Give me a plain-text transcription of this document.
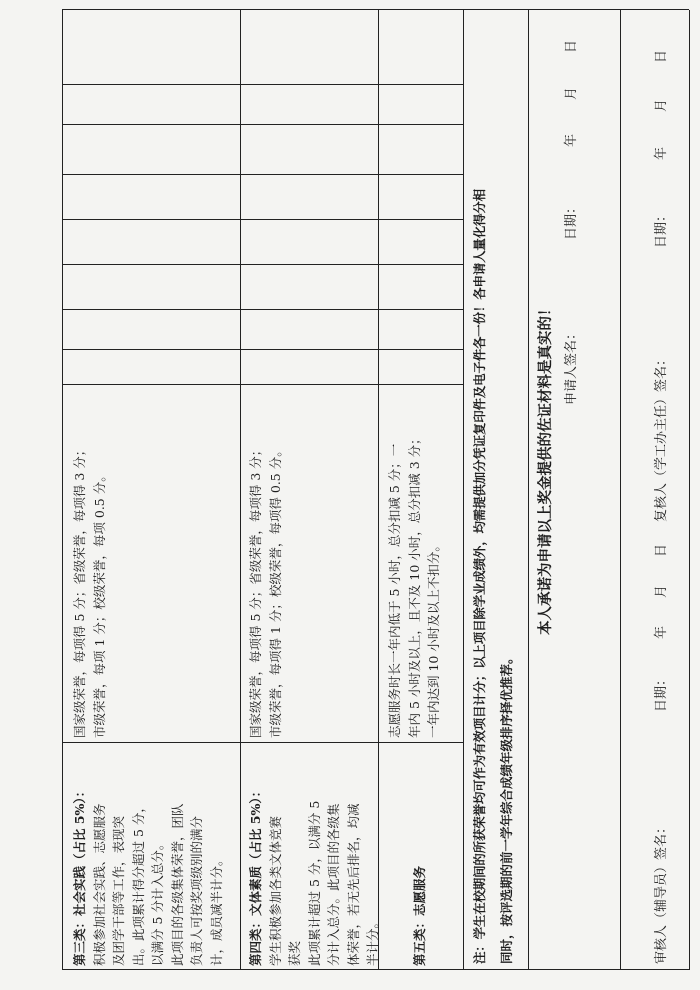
第三类：社会实践（占比 5%）： 积极参加社会实践、志愿服务 及团学干部等工作，表现突 出。此项累计得分超过 5 分， 以满分 5 分计入总分。 此项目的各级集体荣誉，团队 负责人可按奖项级别的满分 计，成员减半计分。
国家级荣誉，每项得 5 分；省级荣誉，每项得 3 分； 市级荣誉，每项 1 分；校级荣誉，每项 0.5 分。
第四类：文体素质（占比 5%）： 学生积极参加各类文体竞赛 获奖 此项累计超过 5 分，以满分 5 分计入总分。此项目的各级集 体荣誉，若无先后排名，均减 半计分。
国家级荣誉，每项得 5 分；省级荣誉，每项得 3 分； 市级荣誉，每项得 1 分；校级荣誉，每项得 0.5 分。
第五类：志愿服务
志愿服务时长一年内低于 5 小时，总分扣减 5 分；一 年内 5 小时及以上，且不及 10 小时，总分扣减 3 分； 一年内达到 10 小时及以上不扣分。 注：学生在校期间的所获荣誉均可作为有效项目计分；以上项目除学业成绩外，均需提供加分凭证复印件及电子件各一份！各申请人量化得分相 同时，按评选期的前一学年综合成绩年级排序择优推荐。
本人承诺为申请以上奖金提供的佐证材料是真实的！ 申请人签名：
日期：
年
月
日
审核人（辅导员）签名：
日期：
年
月
日
复核人（学工办主任）签名：
日期：
年
月
日
